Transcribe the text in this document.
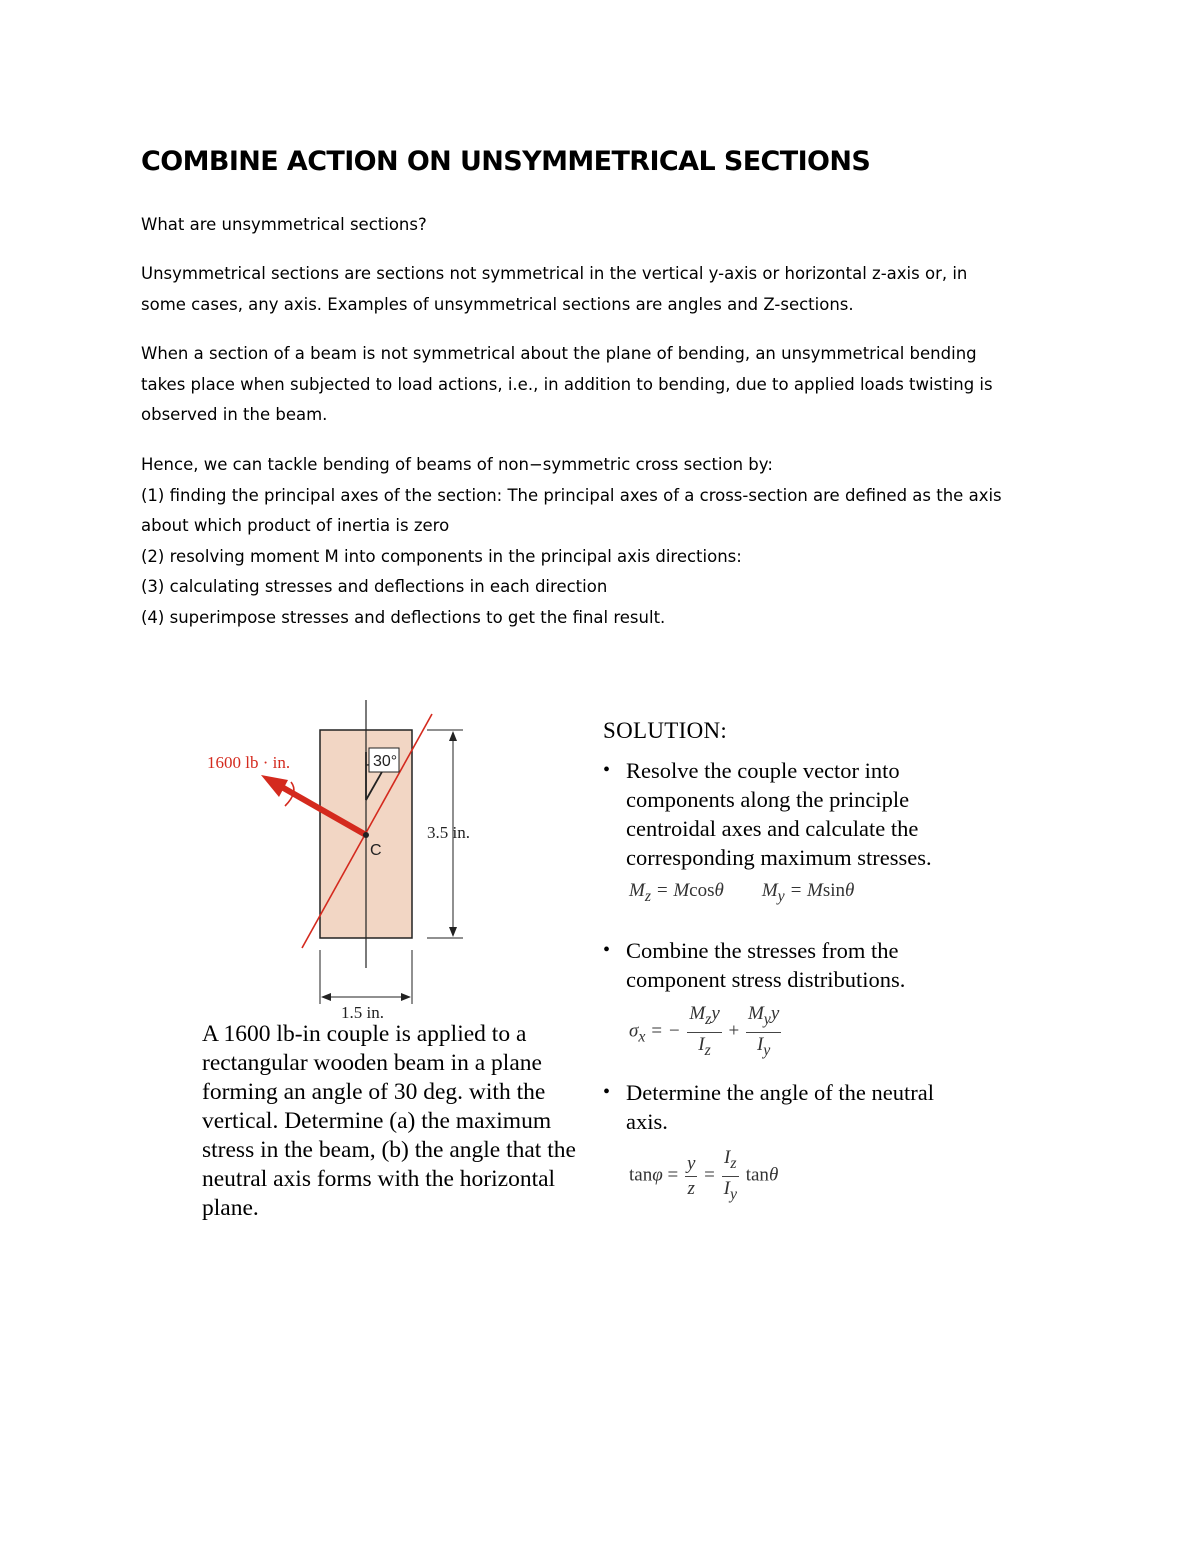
COMBINE ACTION ON UNSYMMETRICAL SECTIONS

What are unsymmetrical sections?

Unsymmetrical sections are sections not symmetrical in the vertical y-axis or horizontal z-axis or, in
some cases, any axis. Examples of unsymmetrical sections are angles and Z-sections.

When a section of a beam is not symmetrical about the plane of bending, an unsymmetrical bending
takes place when subjected to load actions, i.e., in addition to bending, due to applied loads twisting is
observed in the beam.

Hence, we can tackle bending of beams of non−symmetric cross section by:
(1) finding the principal axes of the section: The principal axes of a cross-section are defined as the axis
about which product of inertia is zero
(2) resolving moment M into components in the principal axis directions:
(3) calculating stresses and deflections in each direction
(4) superimpose stresses and deflections to get the final result.

30°
C
1600 lb · in.
3.5 in.
1.5 in.

A 1600 lb-in couple is applied to a
rectangular wooden beam in a plane
forming an angle of 30 deg. with the
vertical. Determine (a) the maximum
stress in the beam, (b) the angle that the
neutral axis forms with the horizontal
plane.

SOLUTION:
• Resolve the couple vector into
components along the principle
centroidal axes and calculate the
corresponding maximum stresses.
$M_z = Mcos\theta$ $M_y = Msin\theta$
• Combine the stresses from the
component stress distributions.
$\sigma_x$ = − $\frac{M_zy}{I_z} + \frac{M_yy}{I_y}$
• Determine the angle of the neutral
axis.
$\tan\varphi = \frac{y}{z} = \frac{I_z}{I_y}$ tanθ
